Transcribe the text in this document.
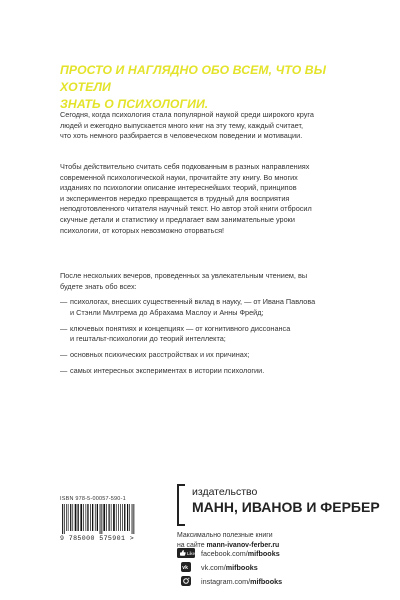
ПРОСТО И НАГЛЯДНО ОБО ВСЕМ, ЧТО ВЫ ХОТЕЛИ
ЗНАТЬ О ПСИХОЛОГИИ.
Сегодня, когда психология стала популярной наукой среди широкого круга
людей и ежегодно выпускается много книг на эту тему, каждый считает,
что хоть немного разбирается в человеческом поведении и мотивации.
Чтобы действительно считать себя подкованным в разных направлениях
современной психологической науки, прочитайте эту книгу. Во многих
изданиях по психологии описание интереснейших теорий, принципов
и экспериментов нередко превращается в трудный для восприятия
неподготовленного читателя научный текст. Но автор этой книги отбросил
скучные детали и статистику и предлагает вам занимательные уроки
психологии, от которых невозможно оторваться!
После нескольких вечеров, проведенных за увлекательным чтением, вы
будете знать обо всех:
— психологах, внесших существенный вклад в науку, — от Ивана Павлова
и Стэнли Милгрема до Абрахама Маслоу и Анны Фрейд;
— ключевых понятиях и концепциях — от когнитивного диссонанса
и гештальт-психологии до теорий интеллекта;
— основных психических расстройствах и их причинах;
— самых интересных экспериментах в истории психологии.
ISBN 978-5-00057-590-1
9 785000 575901 >
издательство
МАНН, ИВАНОВ И ФЕРБЕР
Максимально полезные книги
на сайте mann-ivanov-ferber.ru
Like facebook.com/ mifbooks
vk vk.com/ mifbooks
instagram.com/ mifbooks
